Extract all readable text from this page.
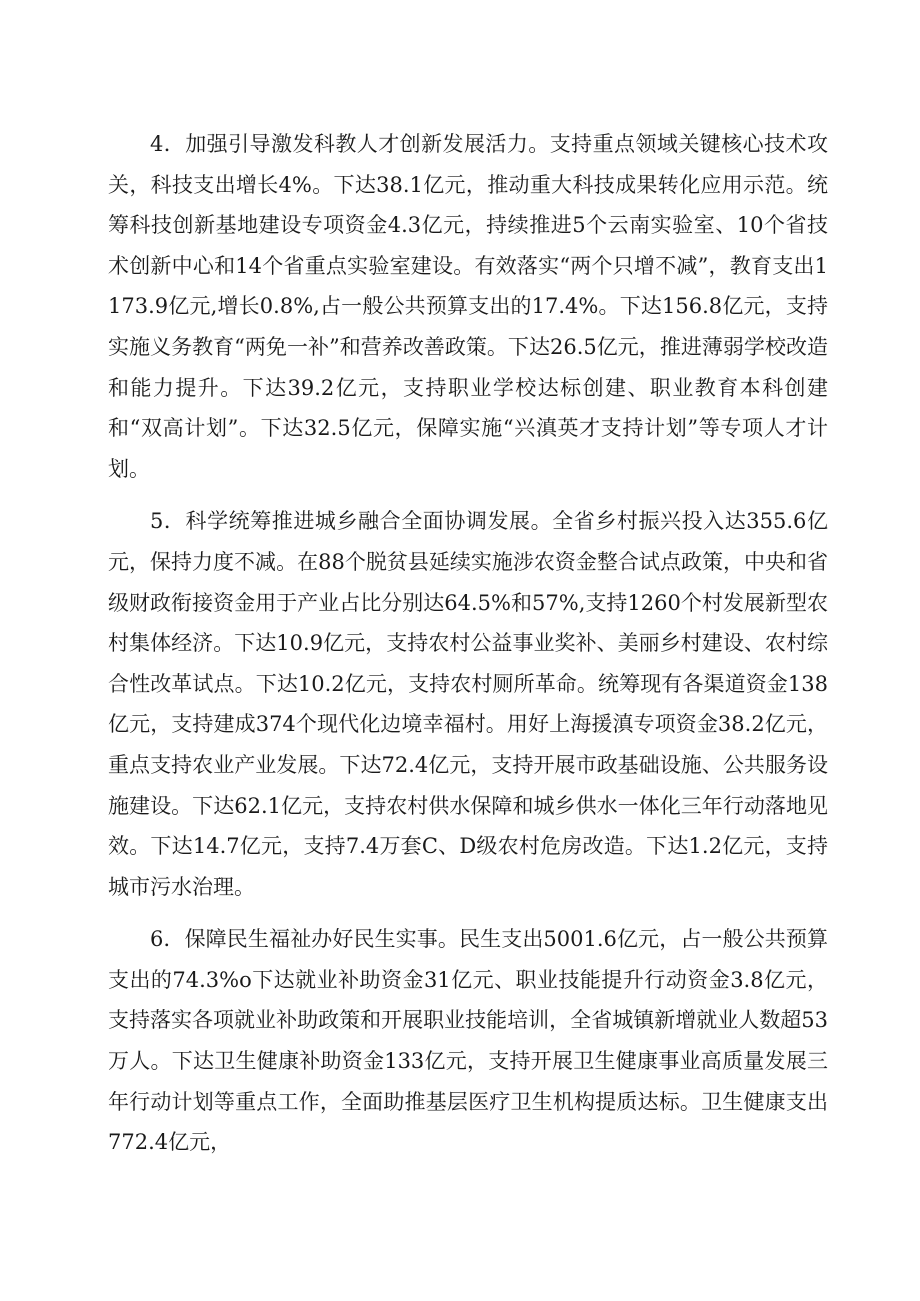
4．加强引导激发科教人才创新发展活力。支持重点领域关键核心技术攻关，科技支出增长4%。下达38.1亿元，推动重大科技成果转化应用示范。统筹科技创新基地建设专项资金4.3亿元，持续推进5个云南实验室、10个省技术创新中心和14个省重点实验室建设。有效落实“两个只增不减”，教育支出1173.9亿元,增长0.8%,占一般公共预算支出的17.4%。下达156.8亿元，支持实施义务教育“两免一补”和营养改善政策。下达26.5亿元，推进薄弱学校改造和能力提升。下达39.2亿元，支持职业学校达标创建、职业教育本科创建和“双高计划”。下达32.5亿元，保障实施“兴滇英才支持计划”等专项人才计划。

5．科学统筹推进城乡融合全面协调发展。全省乡村振兴投入达355.6亿元，保持力度不减。在88个脱贫县延续实施涉农资金整合试点政策，中央和省级财政衔接资金用于产业占比分别达64.5%和57%,支持1260个村发展新型农村集体经济。下达10.9亿元，支持农村公益事业奖补、美丽乡村建设、农村综合性改革试点。下达10.2亿元，支持农村厕所革命。统筹现有各渠道资金138亿元，支持建成374个现代化边境幸福村。用好上海援滇专项资金38.2亿元，重点支持农业产业发展。下达72.4亿元，支持开展市政基础设施、公共服务设施建设。下达62.1亿元，支持农村供水保障和城乡供水一体化三年行动落地见效。下达14.7亿元，支持7.4万套C、D级农村危房改造。下达1.2亿元，支持城市污水治理。

6．保障民生福祉办好民生实事。民生支出5001.6亿元，占一般公共预算支出的74.3%o下达就业补助资金31亿元、职业技能提升行动资金3.8亿元，支持落实各项就业补助政策和开展职业技能培训，全省城镇新增就业人数超53万人。下达卫生健康补助资金133亿元，支持开展卫生健康事业高质量发展三年行动计划等重点工作，全面助推基层医疗卫生机构提质达标。卫生健康支出772.4亿元，
